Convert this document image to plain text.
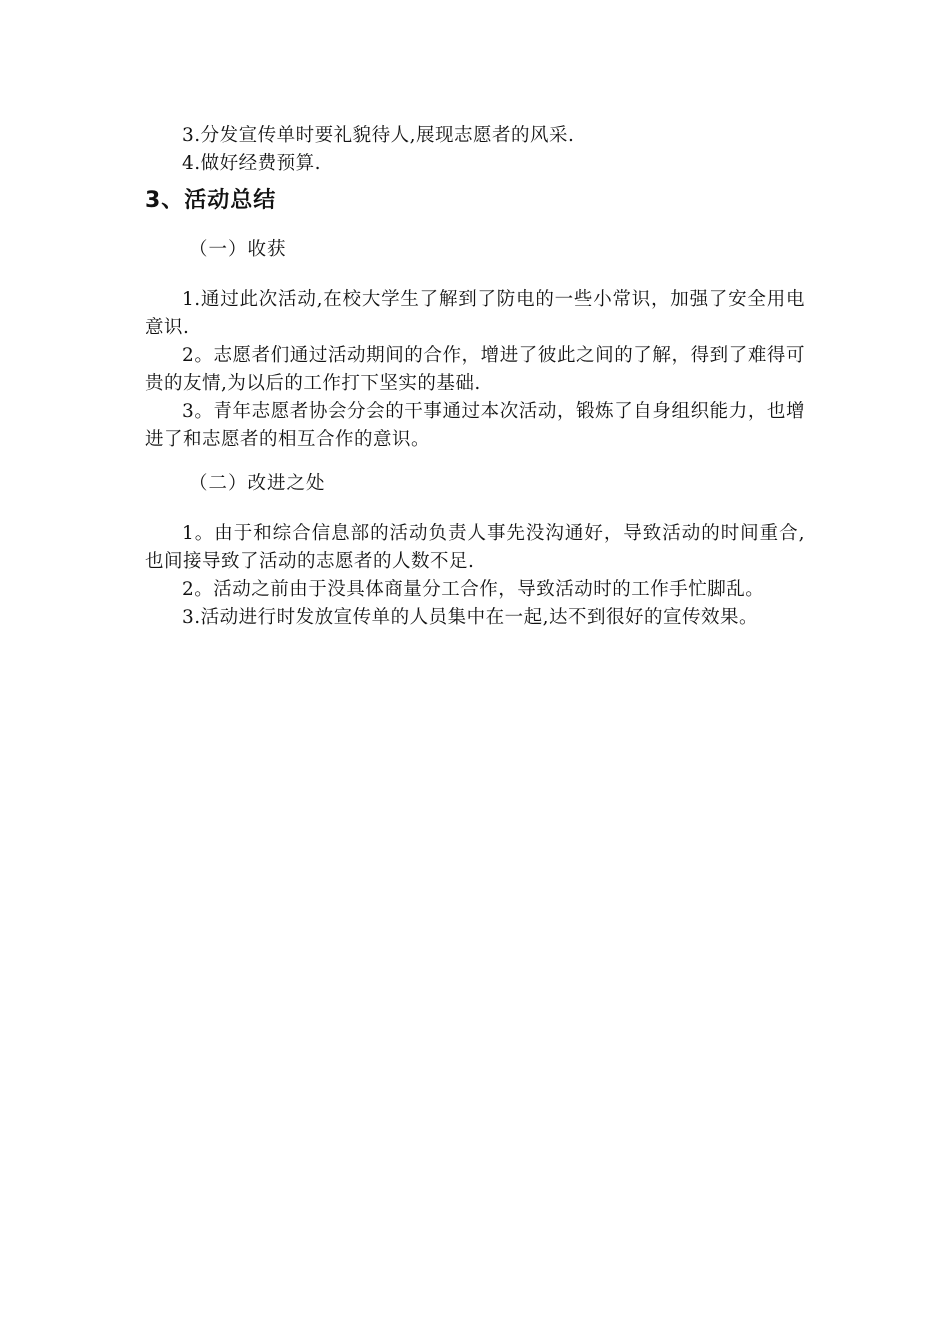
3.分发宣传单时要礼貌待人,展现志愿者的风采.

4.做好经费预算.

3、活动总结
（一）收获

1.通过此次活动,在校大学生了解到了防电的一些小常识，加强了安全用电意识.

2。志愿者们通过活动期间的合作，增进了彼此之间的了解，得到了难得可贵的友情,为以后的工作打下坚实的基础.

3。青年志愿者协会分会的干事通过本次活动，锻炼了自身组织能力，也增进了和志愿者的相互合作的意识。

（二）改进之处

1。由于和综合信息部的活动负责人事先没沟通好，导致活动的时间重合,也间接导致了活动的志愿者的人数不足.

2。活动之前由于没具体商量分工合作，导致活动时的工作手忙脚乱。

3.活动进行时发放宣传单的人员集中在一起,达不到很好的宣传效果。
